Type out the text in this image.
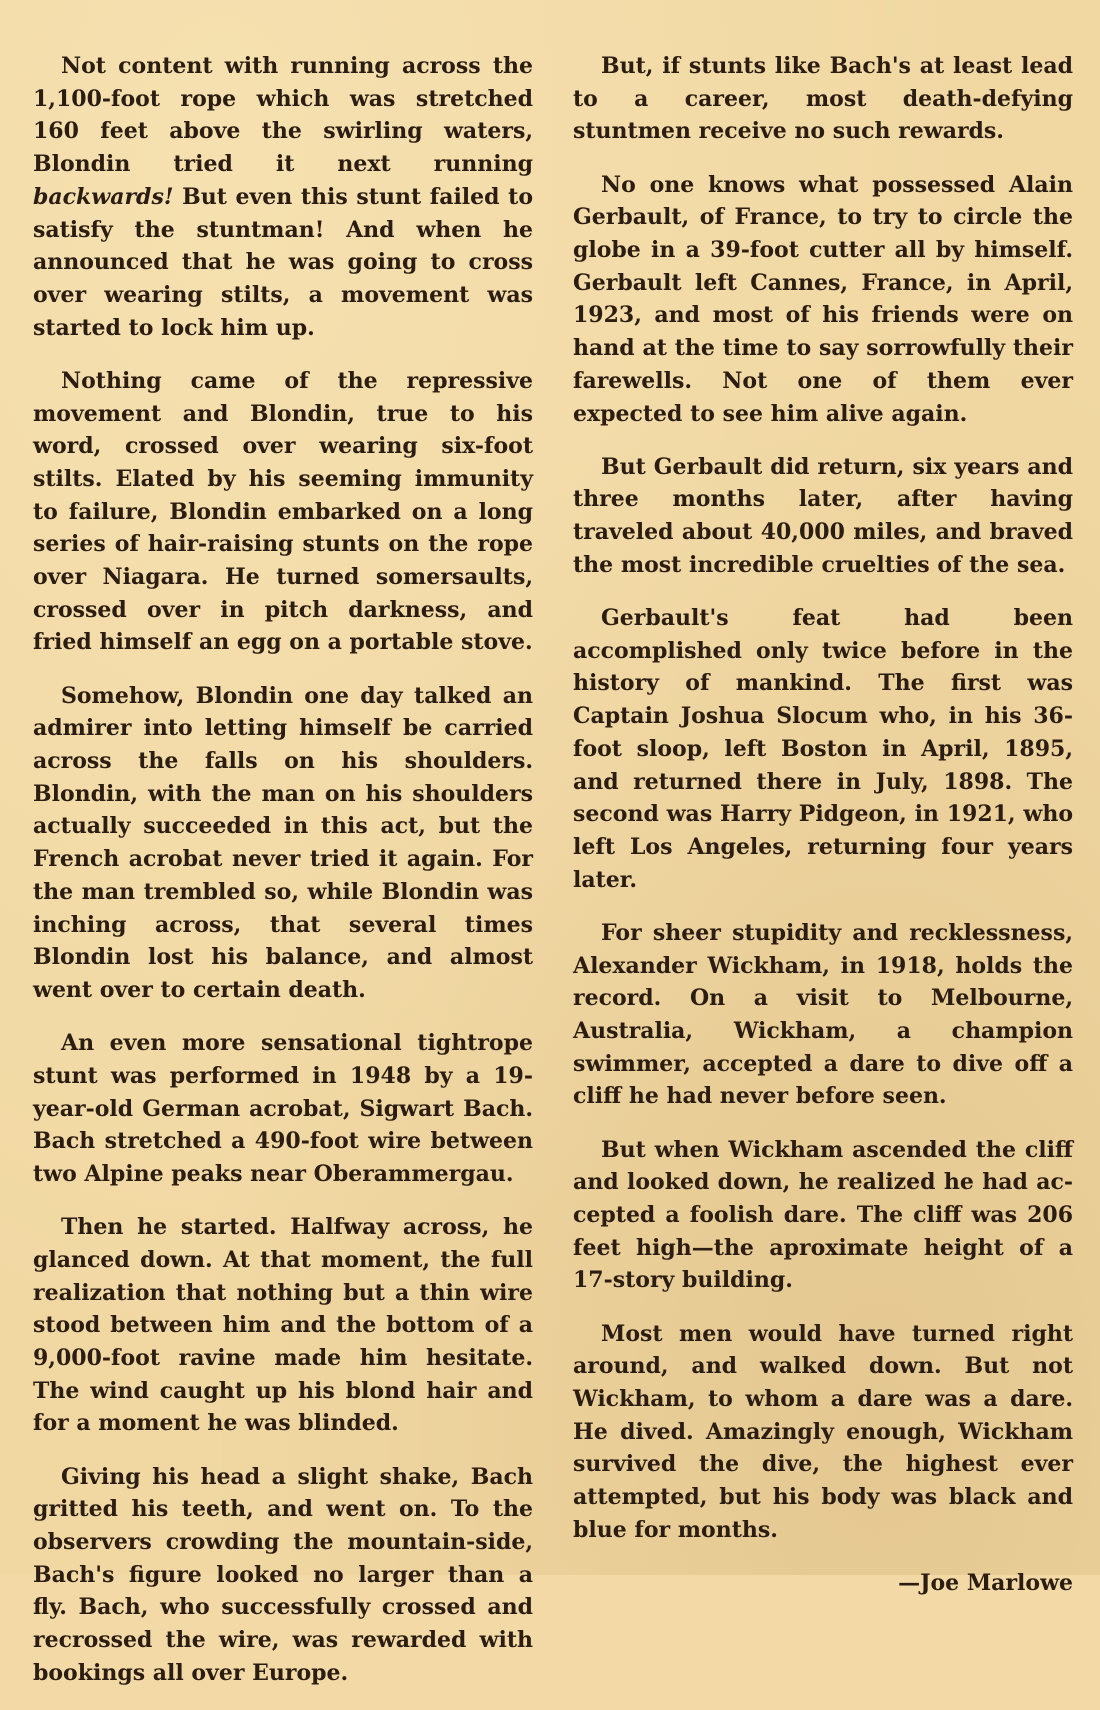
Not content with running across the 1,100-foot rope which was stretched 160 feet above the swirling waters, Blondin tried it next running backwards! But even this stunt failed to satisfy the stuntman! And when he announced that he was going to cross over wearing stilts, a movement was started to lock him up.

Nothing came of the repressive movement and Blondin, true to his word, crossed over wearing six-foot stilts. Elated by his seeming immunity to failure, Blondin embarked on a long series of hair-raising stunts on the rope over Niagara. He turned somersaults, crossed over in pitch darkness, and fried himself an egg on a portable stove.

Somehow, Blondin one day talked an admirer into letting himself be carried across the falls on his shoulders. Blondin, with the man on his shoulders actually succeeded in this act, but the French acrobat never tried it again. For the man trembled so, while Blondin was inching across, that several times Blondin lost his balance, and almost went over to certain death.

An even more sensational tightrope stunt was performed in 1948 by a 19-year-old German acrobat, Sigwart Bach. Bach stretched a 490-foot wire between two Alpine peaks near Oberammergau.

Then he started. Halfway across, he glanced down. At that moment, the full realization that nothing but a thin wire stood between him and the bottom of a 9,000-foot ravine made him hesitate. The wind caught up his blond hair and for a moment he was blinded.

Giving his head a slight shake, Bach gritted his teeth, and went on. To the observers crowding the mountain-side, Bach's figure looked no larger than a fly. Bach, who successfully crossed and recrossed the wire, was rewarded with bookings all over Europe.

But, if stunts like Bach's at least lead to a career, most death-defying stuntmen receive no such rewards.

No one knows what possessed Alain Gerbault, of France, to try to circle the globe in a 39-foot cutter all by himself. Gerbault left Cannes, France, in April, 1923, and most of his friends were on hand at the time to say sorrowfully their farewells. Not one of them ever expected to see him alive again.

But Gerbault did return, six years and three months later, after having traveled about 40,000 miles, and braved the most incredible cruelties of the sea.

Gerbault's feat had been accomplished only twice before in the history of mankind. The first was Captain Joshua Slocum who, in his 36-foot sloop, left Boston in April, 1895, and returned there in July, 1898. The second was Harry Pidgeon, in 1921, who left Los Angeles, returning four years later.

For sheer stupidity and recklessness, Alexander Wickham, in 1918, holds the record. On a visit to Melbourne, Australia, Wickham, a champion swimmer, accepted a dare to dive off a cliff he had never before seen.

But when Wickham ascended the cliff and looked down, he realized he had accepted a foolish dare. The cliff was 206 feet high—the aproximate height of a 17-story building.

Most men would have turned right around, and walked down. But not Wickham, to whom a dare was a dare. He dived. Amazingly enough, Wickham survived the dive, the highest ever attempted, but his body was black and blue for months.

—Joe Marlowe
